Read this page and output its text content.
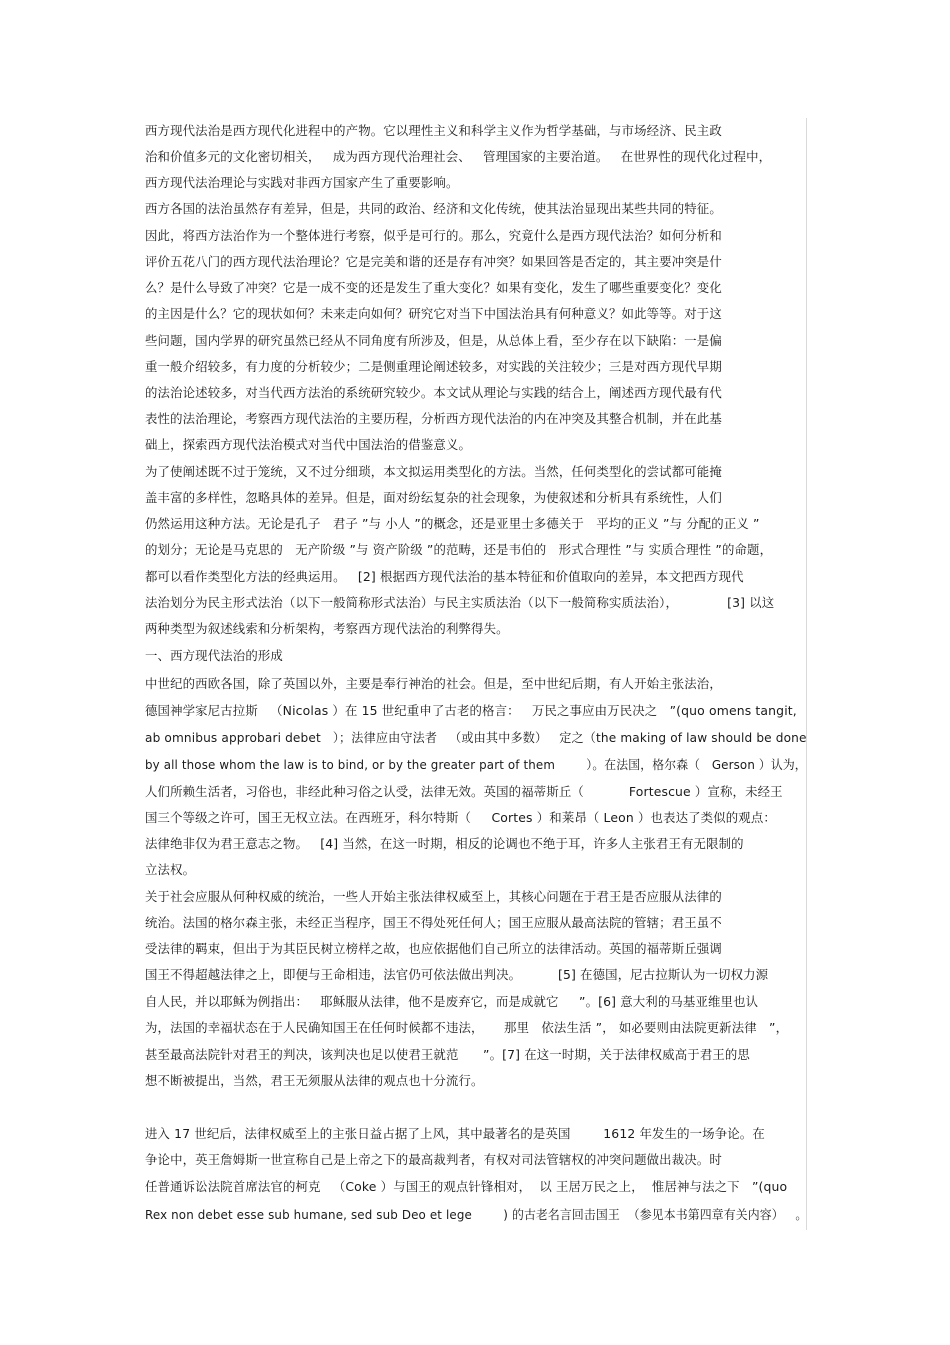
西方现代法治是西方现代化进程中的产物。它以理性主义和科学主义作为哲学基础，与市场经济、民主政
治和价值多元的文化密切相关，   成为西方现代治理社会、   管理国家的主要治道。   在世界性的现代化过程中，
西方现代法治理论与实践对非西方国家产生了重要影响。
西方各国的法治虽然存有差异，但是，共同的政治、经济和文化传统，使其法治显现出某些共同的特征。
因此，将西方法治作为一个整体进行考察，似乎是可行的。那么，究竟什么是西方现代法治？如何分析和
评价五花八门的西方现代法治理论？它是完美和谐的还是存有冲突？如果回答是否定的，其主要冲突是什
么？是什么导致了冲突？它是一成不变的还是发生了重大变化？如果有变化，发生了哪些重要变化？变化
的主因是什么？它的现状如何？未来走向如何？研究它对当下中国法治具有何种意义？如此等等。对于这
些问题，国内学界的研究虽然已经从不同角度有所涉及，但是，从总体上看，至少存在以下缺陷：一是偏
重一般介绍较多，有力度的分析较少；二是侧重理论阐述较多，对实践的关注较少；三是对西方现代早期
的法治论述较多，对当代西方法治的系统研究较少。本文试从理论与实践的结合上，阐述西方现代最有代
表性的法治理论，考察西方现代法治的主要历程，分析西方现代法治的内在冲突及其整合机制，并在此基
础上，探索西方现代法治模式对当代中国法治的借鉴意义。
为了使阐述既不过于笼统，又不过分细琐，本文拟运用类型化的方法。当然，任何类型化的尝试都可能掩
盖丰富的多样性，忽略具体的差异。但是，面对纷纭复杂的社会现象，为使叙述和分析具有系统性，人们
仍然运用这种方法。无论是孔子   君子 ”与 小人 ”的概念，还是亚里士多德关于   平均的正义 ”与 分配的正义 ”
的划分；无论是马克思的   无产阶级 ”与 资产阶级 ”的范畴，还是韦伯的   形式合理性 ”与 实质合理性 ”的命题，
都可以看作类型化方法的经典运用。   [2] 根据西方现代法治的基本特征和价值取向的差异，本文把西方现代
法治划分为民主形式法治（以下一般简称形式法治）与民主实质法治（以下一般简称实质法治），            [3] 以这
两种类型为叙述线索和分析架构，考察西方现代法治的利弊得失。
一、西方现代法治的形成
中世纪的西欧各国，除了英国以外，主要是奉行神治的社会。但是，至中世纪后期，有人开始主张法治，
德国神学家尼古拉斯   （Nicolas ）在 15 世纪重申了古老的格言：   万民之事应由万民决之   ”(quo omens tangit,
ab omnibus approbari debet   ）；法律应由守法者   （或由其中多数）   定之（the making of law should be done
by all those whom the law is to bind, or by the greater part of them        ）。在法国，格尔森（   Gerson ）认为，
人们所赖生活者，习俗也，非经此种习俗之认受，法律无效。英国的福蒂斯丘（           Fortescue ）宣称，未经王
国三个等级之许可，国王无权立法。在西班牙，科尔特斯（     Cortes ）和莱昂（ Leon ）也表达了类似的观点：
法律绝非仅为君王意志之物。   [4] 当然，在这一时期，相反的论调也不绝于耳，许多人主张君王有无限制的
立法权。
关于社会应服从何种权威的统治，一些人开始主张法律权威至上，其核心问题在于君王是否应服从法律的
统治。法国的格尔森主张，未经正当程序，国王不得处死任何人；国王应服从最高法院的管辖；君王虽不
受法律的羁束，但出于为其臣民树立榜样之故，也应依据他们自己所立的法律活动。英国的福蒂斯丘强调
国王不得超越法律之上，即便与王命相违，法官仍可依法做出判决。         [5] 在德国，尼古拉斯认为一切权力源
自人民，并以耶稣为例指出：   耶稣服从法律，他不是废弃它，而是成就它     ”。[6] 意大利的马基亚维里也认
为，法国的幸福状态在于人民确知国王在任何时候都不违法，     那里   依法生活 ”， 如必要则由法院更新法律   ”，
甚至最高法院针对君王的判决，该判决也足以使君王就范      ”。[7] 在这一时期，关于法律权威高于君王的思
想不断被提出，当然，君王无须服从法律的观点也十分流行。
进入 17 世纪后，法律权威至上的主张日益占据了上风，其中最著名的是英国        1612 年发生的一场争论。在
争论中，英王詹姆斯一世宣称自己是上帝之下的最高裁判者，有权对司法管辖权的冲突问题做出裁决。时
任普通诉讼法院首席法官的柯克   （Coke ）与国王的观点针锋相对，  以 王居万民之上，  惟居神与法之下   ”(quo
Rex non debet esse sub humane, sed sub Deo et lege        ) 的古老名言回击国王  （参见本书第四章有关内容）   。
